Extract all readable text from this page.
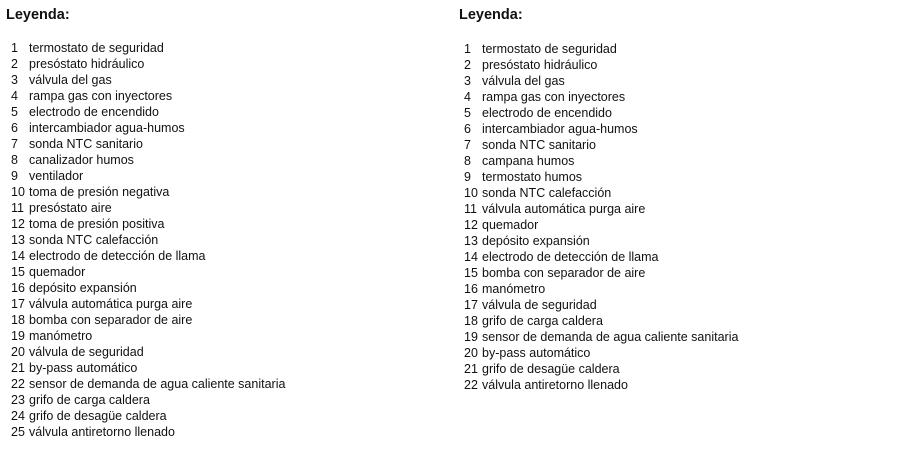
Leyenda:
1 termostato de seguridad
2 presóstato hidráulico
3 válvula del gas
4 rampa gas con inyectores
5 electrodo de encendido
6 intercambiador agua-humos
7 sonda NTC sanitario
8 canalizador humos
9 ventilador
10 toma de presión negativa
11 presóstato aire
12 toma de presión positiva
13 sonda NTC calefacción
14 electrodo de detección de llama
15 quemador
16 depósito expansión
17 válvula automática purga aire
18 bomba con separador de aire
19 manómetro
20 válvula de seguridad
21 by-pass automático
22 sensor de demanda de agua caliente sanitaria
23 grifo de carga caldera
24 grifo de desagüe caldera
25 válvula antiretorno llenado
Leyenda:
1 termostato de seguridad
2 presóstato hidráulico
3 válvula del gas
4 rampa gas con inyectores
5 electrodo de encendido
6 intercambiador agua-humos
7 sonda NTC sanitario
8 campana humos
9 termostato humos
10 sonda NTC calefacción
11 válvula automática purga aire
12 quemador
13 depósito expansión
14 electrodo de detección de llama
15 bomba con separador de aire
16 manómetro
17 válvula de seguridad
18 grifo de carga caldera
19 sensor de demanda de agua caliente sanitaria
20 by-pass automático
21 grifo de desagüe caldera
22 válvula antiretorno llenado
